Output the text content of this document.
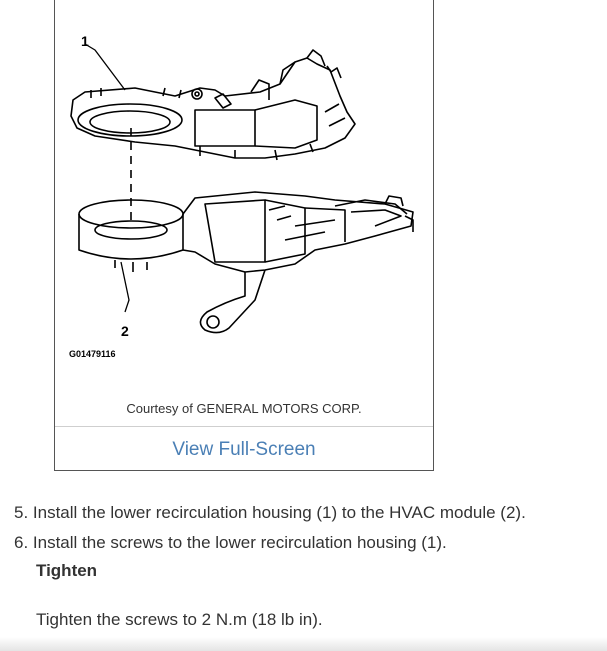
1
2
G01479116
Courtesy of GENERAL MOTORS CORP.
View Full-Screen
5. Install the lower recirculation housing (1) to the HVAC module (2).
6. Install the screws to the lower recirculation housing (1).
Tighten
Tighten the screws to 2 N.m (18 lb in).
